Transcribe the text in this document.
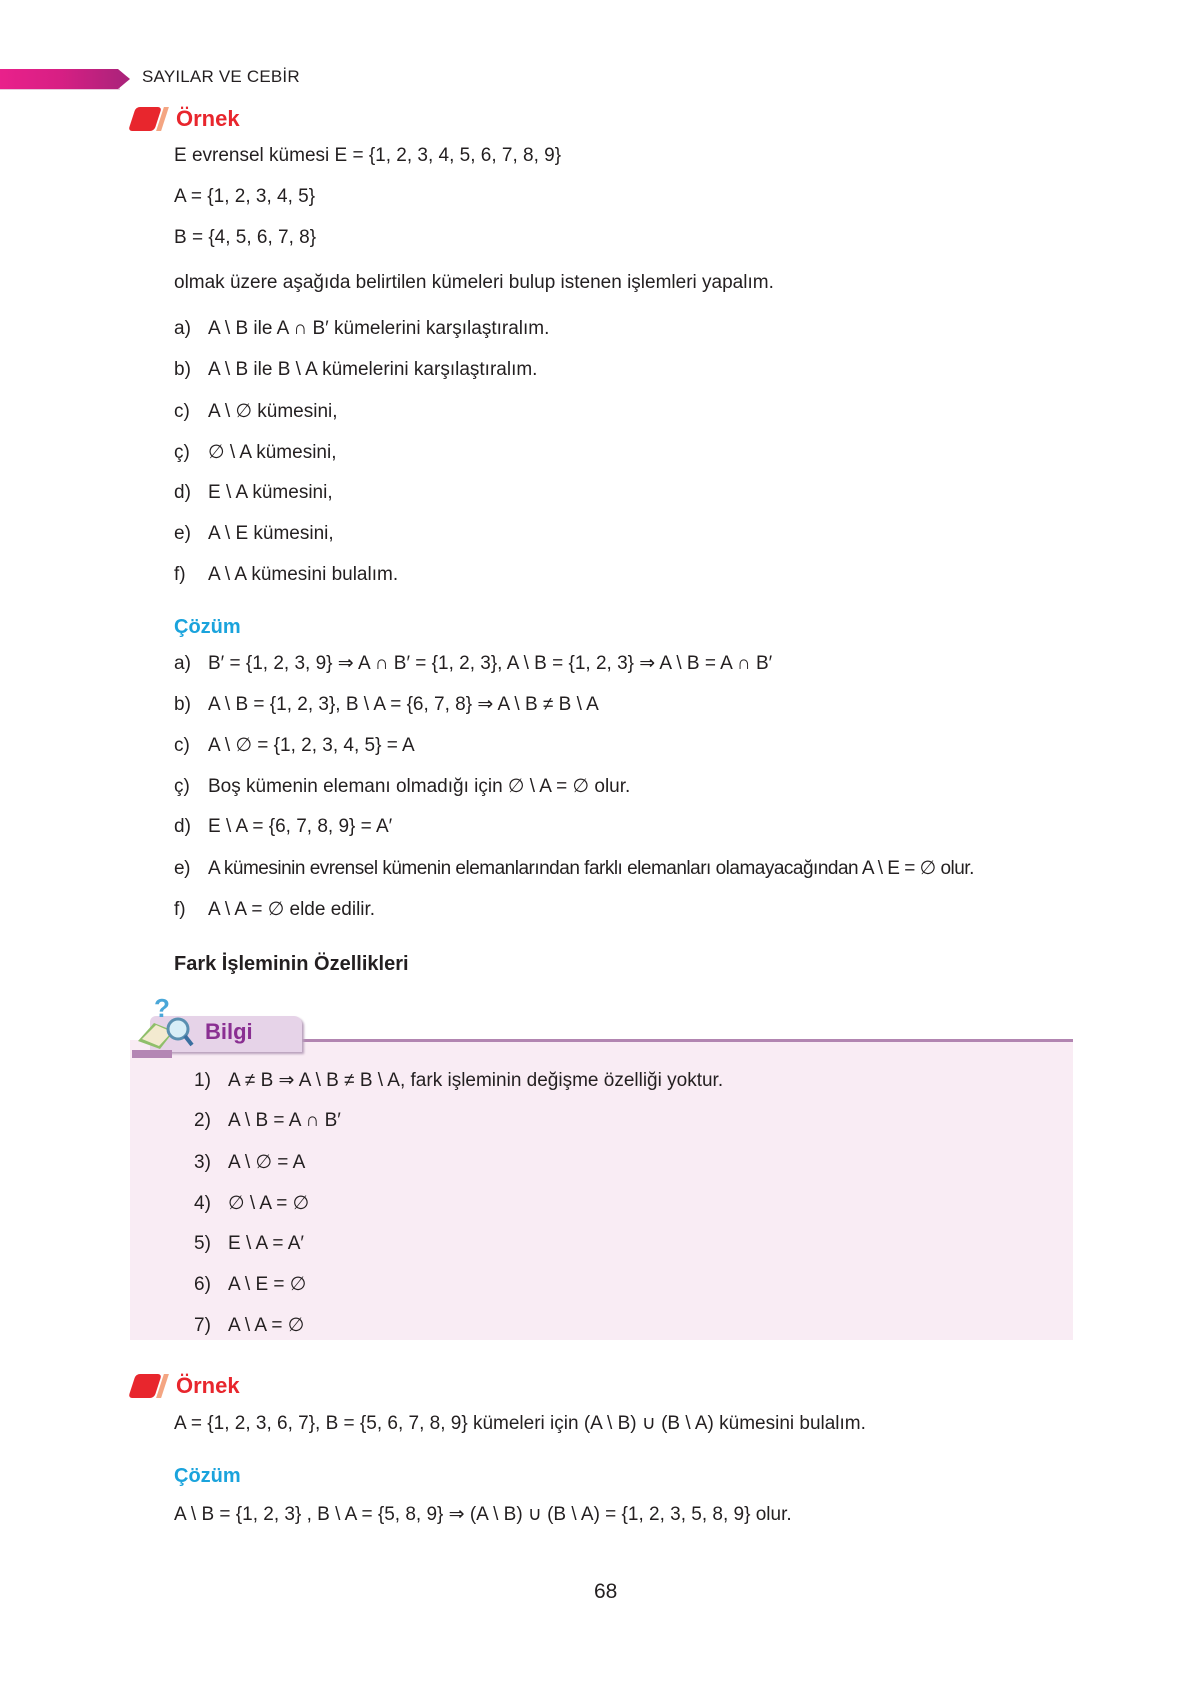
SAYILAR VE CEBİR
Örnek
E evrensel kümesi E = {1, 2, 3, 4, 5, 6, 7, 8, 9}
A = {1, 2, 3, 4, 5}
B = {4, 5, 6, 7, 8}
olmak üzere aşağıda belirtilen kümeleri bulup istenen işlemleri yapalım.
a) A \ B ile A ∩ B′ kümelerini karşılaştıralım.
b) A \ B ile B \ A kümelerini karşılaştıralım.
c) A \ ∅ kümesini,
ç) ∅ \ A kümesini,
d) E \ A kümesini,
e) A \ E kümesini,
f) A \ A kümesini bulalım.
Çözüm
a) B′ = {1, 2, 3, 9} ⇒ A ∩ B′ = {1, 2, 3}, A \ B = {1, 2, 3} ⇒ A \ B = A ∩ B′
b) A \ B = {1, 2, 3}, B \ A = {6, 7, 8} ⇒ A \ B ≠ B \ A
c) A \ ∅ = {1, 2, 3, 4, 5} = A
ç) Boş kümenin elemanı olmadığı için ∅ \ A = ∅ olur.
d) E \ A = {6, 7, 8, 9} = A′
e) A kümesinin evrensel kümenin elemanlarından farklı elemanları olamayacağından A \ E = ∅ olur.
f) A \ A = ∅ elde edilir.
Fark İşleminin Özellikleri
?
Bilgi
1) A ≠ B ⇒ A \ B ≠ B \ A, fark işleminin değişme özelliği yoktur.
2) A \ B = A ∩ B′
3) A \ ∅ = A
4) ∅ \ A = ∅
5) E \ A = A′
6) A \ E = ∅
7) A \ A = ∅
Örnek
A = {1, 2, 3, 6, 7}, B = {5, 6, 7, 8, 9} kümeleri için (A \ B) ∪ (B \ A) kümesini bulalım.
Çözüm
A \ B = {1, 2, 3} , B \ A = {5, 8, 9} ⇒ (A \ B) ∪ (B \ A) = {1, 2, 3, 5, 8, 9} olur.
68
